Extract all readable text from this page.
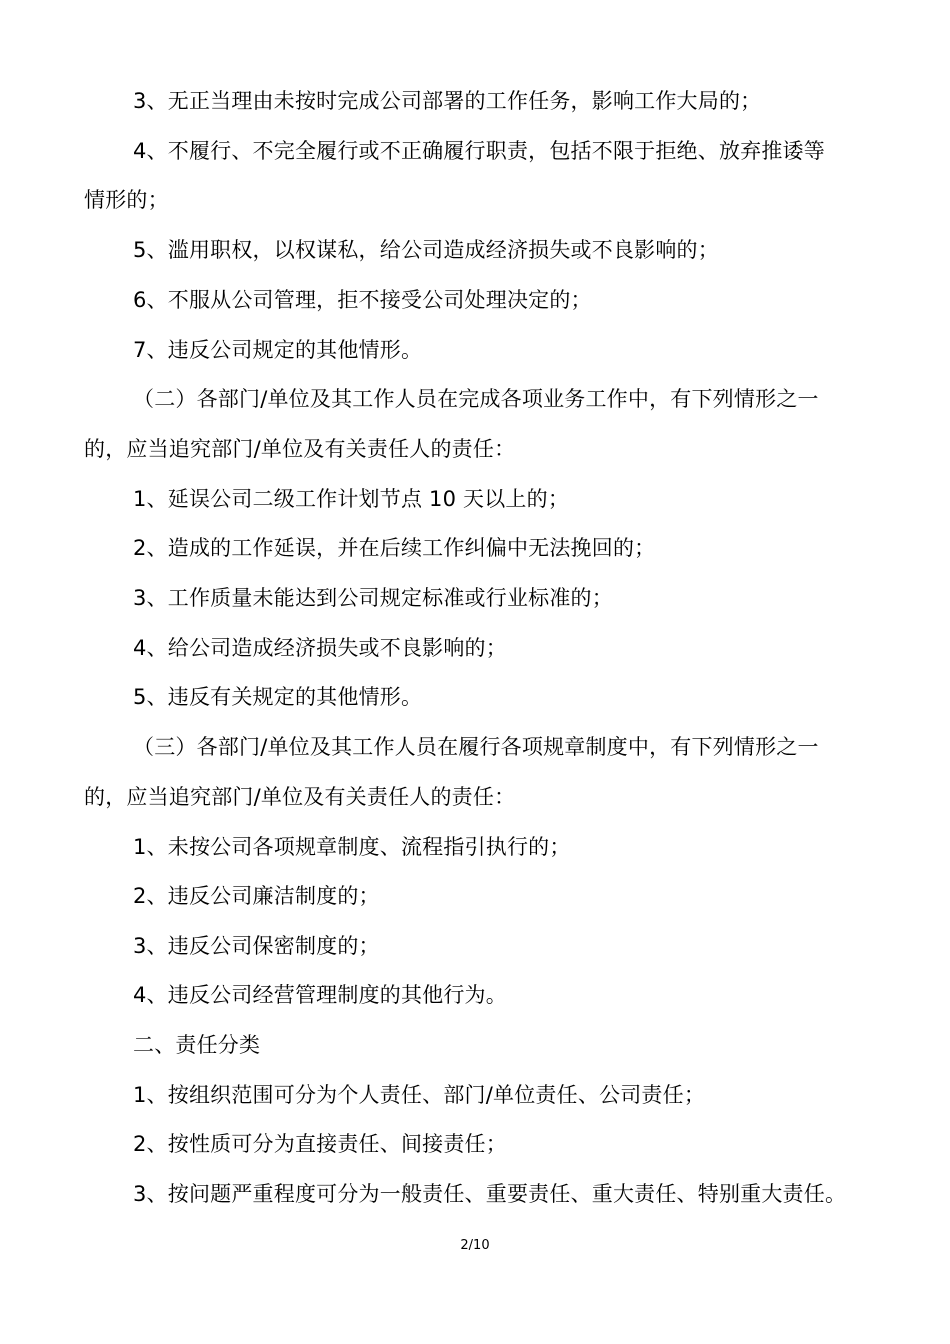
3、无正当理由未按时完成公司部署的工作任务，影响工作大局的；
4、不履行、不完全履行或不正确履行职责，包括不限于拒绝、放弃推诿等
情形的；
5、滥用职权，以权谋私，给公司造成经济损失或不良影响的；
6、不服从公司管理，拒不接受公司处理决定的；
7、违反公司规定的其他情形。
（二）各部门/单位及其工作人员在完成各项业务工作中，有下列情形之一
的，应当追究部门/单位及有关责任人的责任：
1、延误公司二级工作计划节点 10 天以上的；
2、造成的工作延误，并在后续工作纠偏中无法挽回的；
3、工作质量未能达到公司规定标准或行业标准的；
4、给公司造成经济损失或不良影响的；
5、违反有关规定的其他情形。
（三）各部门/单位及其工作人员在履行各项规章制度中，有下列情形之一
的，应当追究部门/单位及有关责任人的责任：
1、未按公司各项规章制度、流程指引执行的；
2、违反公司廉洁制度的；
3、违反公司保密制度的；
4、违反公司经营管理制度的其他行为。
二、责任分类
1、按组织范围可分为个人责任、部门/单位责任、公司责任；
2、按性质可分为直接责任、间接责任；
3、按问题严重程度可分为一般责任、重要责任、重大责任、特别重大责任。
2/10
